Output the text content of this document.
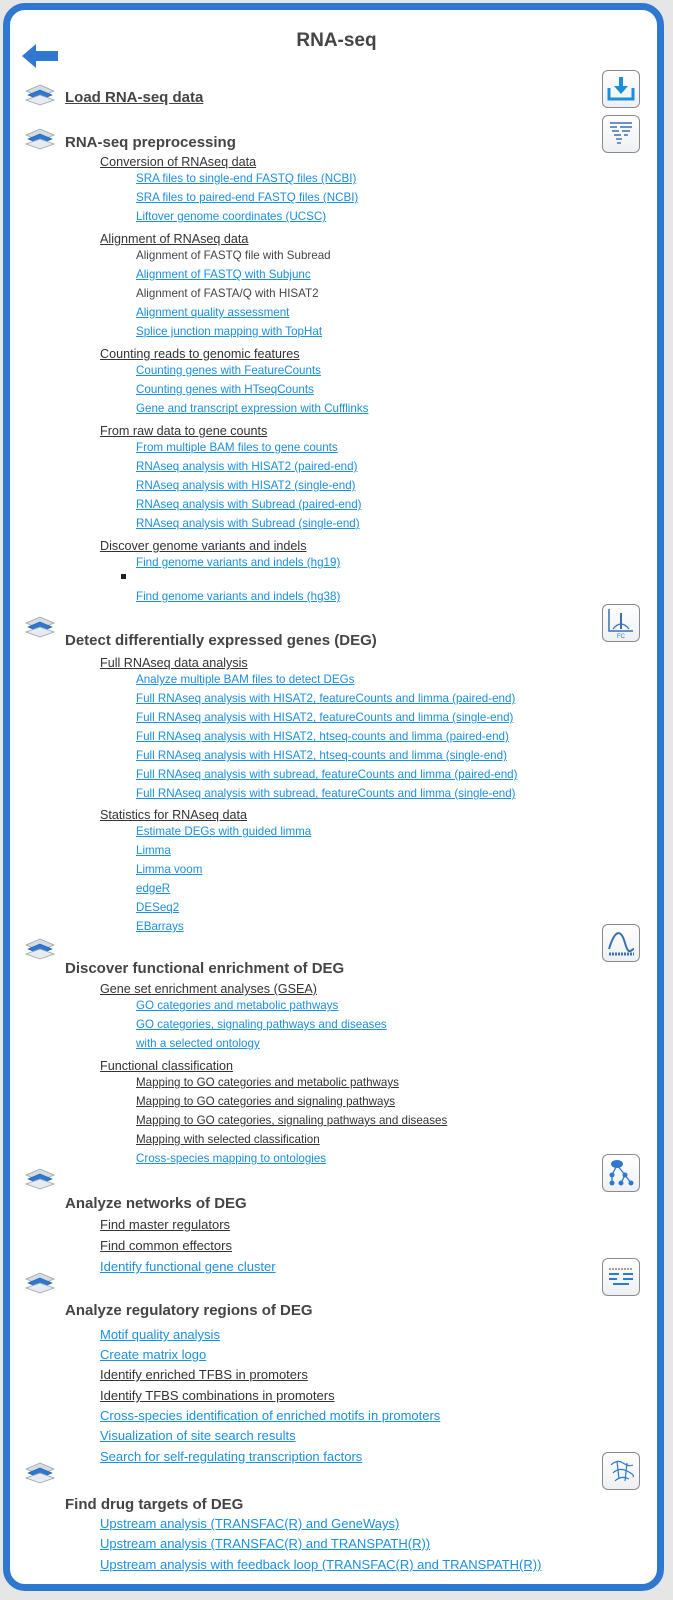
RNA-seq
FC
Load RNA-seq data
RNA-seq preprocessing
Detect differentially expressed genes (DEG)
Discover functional enrichment of DEG
Analyze networks of DEG
Analyze regulatory regions of DEG
Find drug targets of DEG
Conversion of RNAseq data
SRA files to single-end FASTQ files (NCBI)
SRA files to paired-end FASTQ files (NCBI)
Liftover genome coordinates (UCSC)
Alignment of RNAseq data
Alignment of FASTQ file with Subread
Alignment of FASTQ with Subjunc
Alignment of FASTA/Q with HISAT2
Alignment quality assessment
Splice junction mapping with TopHat
Counting reads to genomic features
Counting genes with FeatureCounts
Counting genes with HTseqCounts
Gene and transcript expression with Cufflinks
From raw data to gene counts
From multiple BAM files to gene counts
RNAseq analysis with HISAT2 (paired-end)
RNAseq analysis with HISAT2 (single-end)
RNAseq analysis with Subread (paired-end)
RNAseq analysis with Subread (single-end)
Discover genome variants and indels
Find genome variants and indels (hg19)
Find genome variants and indels (hg38)
Full RNAseq data analysis
Analyze multiple BAM files to detect DEGs
Full RNAseq analysis with HISAT2, featureCounts and limma (paired-end)
Full RNAseq analysis with HISAT2, featureCounts and limma (single-end)
Full RNAseq analysis with HISAT2, htseq-counts and limma (paired-end)
Full RNAseq analysis with HISAT2, htseq-counts and limma (single-end)
Full RNAseq analysis with subread, featureCounts and limma (paired-end)
Full RNAseq analysis with subread, featureCounts and limma (single-end)
Statistics for RNAseq data
Estimate DEGs with guided limma
Limma
Limma voom
edgeR
DESeq2
EBarrays
Gene set enrichment analyses (GSEA)
GO categories and metabolic pathways
GO categories, signaling pathways and diseases
with a selected ontology
Functional classification
Mapping to GO categories and metabolic pathways
Mapping to GO categories and signaling pathways
Mapping to GO categories, signaling pathways and diseases
Mapping with selected classification
Cross-species mapping to ontologies
Find master regulators
Find common effectors
Identify functional gene cluster
Motif quality analysis
Create matrix logo
Identify enriched TFBS in promoters
Identify TFBS combinations in promoters
Cross-species identification of enriched motifs in promoters
Visualization of site search results
Search for self-regulating transcription factors
Upstream analysis (TRANSFAC(R) and GeneWays)
Upstream analysis (TRANSFAC(R) and TRANSPATH(R))
Upstream analysis with feedback loop (TRANSFAC(R) and TRANSPATH(R))
